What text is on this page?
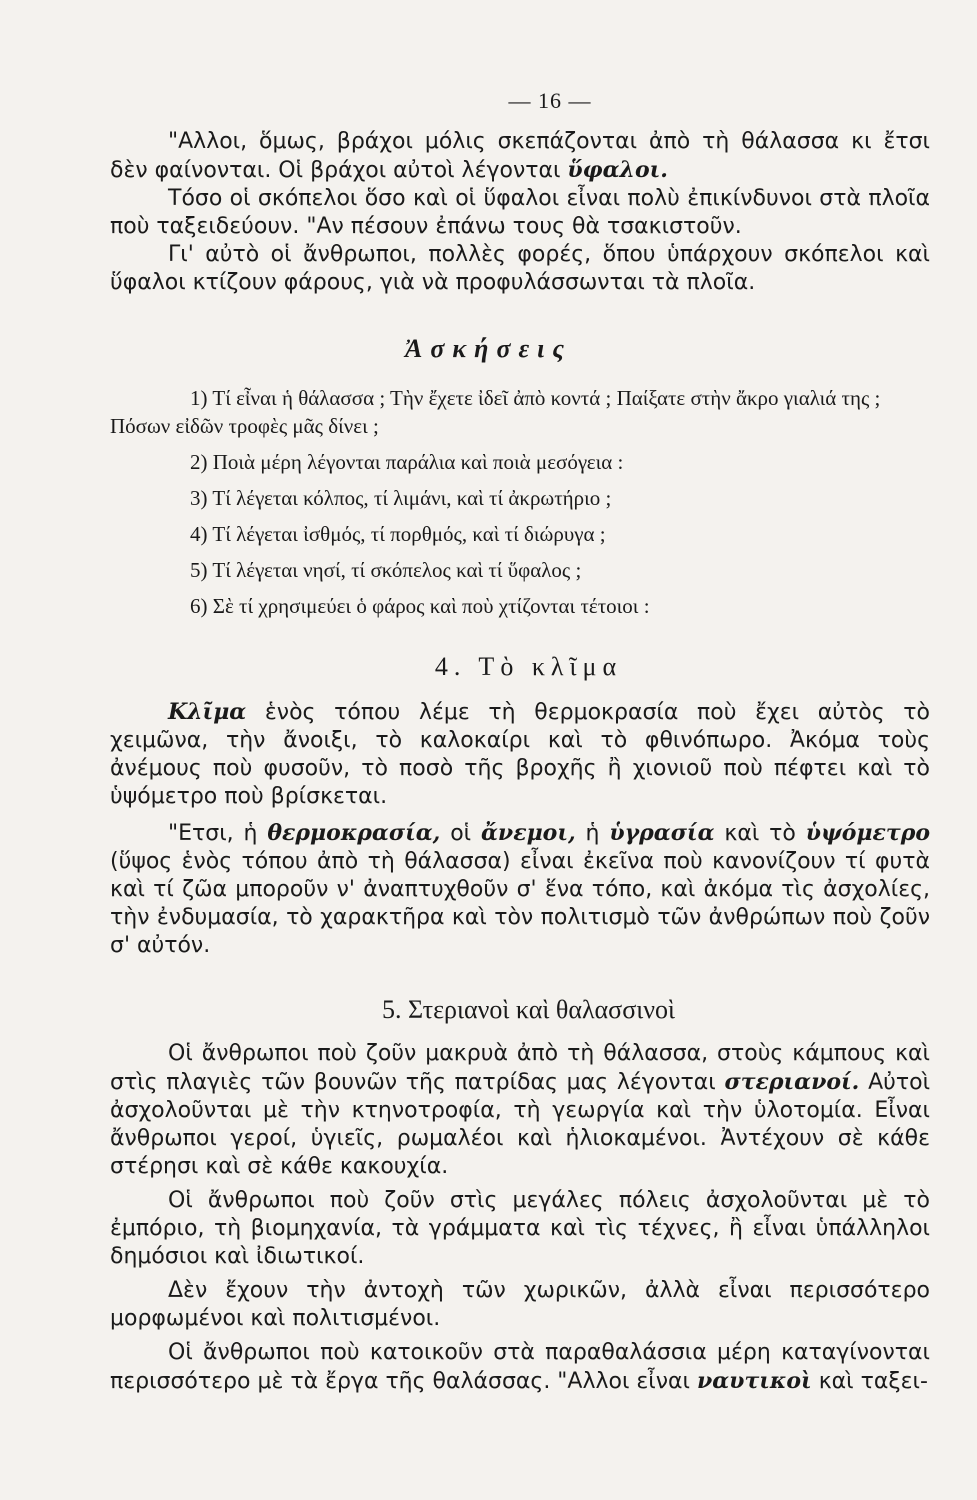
— 16 —

"Αλλοι, ὅμως, βράχοι μόλις σκεπάζονται ἀπὸ τὴ θάλασσα κι ἔτσι δὲν φαίνονται. Οἱ βράχοι αὐτοὶ λέγονται ὕφαλοι.

Τόσο οἱ σκόπελοι ὅσο καὶ οἱ ὕφαλοι εἶναι πολὺ ἐπικίνδυνοι στὰ πλοῖα ποὺ ταξειδεύουν. "Αν πέσουν ἐπάνω τους θὰ τσακιστοῦν.

Γι' αὐτὸ οἱ ἄνθρωποι, πολλὲς φορές, ὅπου ὑπάρχουν σκόπελοι καὶ ὕφαλοι κτίζουν φάρους, γιὰ νὰ προφυλάσσωνται τὰ πλοῖα.

Ἀσκήσεις

1) Τί εἶναι ἡ θάλασσα ; Τὴν ἔχετε ἰδεῖ ἀπὸ κοντά ; Παίξατε στὴν ἄκρο γιαλιά της ; Πόσων εἰδῶν τροφὲς μᾶς δίνει ;

2) Ποιὰ μέρη λέγονται παράλια καὶ ποιὰ μεσόγεια :

3) Τί λέγεται κόλπος, τί λιμάνι, καὶ τί ἀκρωτήριο ;

4) Τί λέγεται ἰσθμός, τί πορθμός, καὶ τί διώρυγα ;

5) Τί λέγεται νησί, τί σκόπελος καὶ τί ὕφαλος ;

6) Σὲ τί χρησιμεύει ὁ φάρος καὶ ποὺ χτίζονται τέτοιοι :

4. Τὸ κλῖμα

Κλῖμα ἑνὸς τόπου λέμε τὴ θερμοκρασία ποὺ ἔχει αὐτὸς τὸ χειμῶνα, τὴν ἄνοιξι, τὸ καλοκαίρι καὶ τὸ φθινόπωρο. Ἀκόμα τοὺς ἀνέμους ποὺ φυσοῦν, τὸ ποσὸ τῆς βροχῆς ἢ χιονιοῦ ποὺ πέφτει καὶ τὸ ὑψόμετρο ποὺ βρίσκεται.

"Ετσι, ἡ θερμοκρασία, οἱ ἄνεμοι, ἡ ὑγρασία καὶ τὸ ὑψόμετρο (ὕψος ἑνὸς τόπου ἀπὸ τὴ θάλασσα) εἶναι ἐκεῖνα ποὺ κανονίζουν τί φυτὰ καὶ τί ζῶα μποροῦν ν' ἀναπτυχθοῦν σ' ἕνα τόπο, καὶ ἀκόμα τὶς ἀσχολίες, τὴν ἐνδυμασία, τὸ χαρακτῆρα καὶ τὸν πολιτισμὸ τῶν ἀνθρώπων ποὺ ζοῦν σ' αὐτόν.

5. Στεριανοὶ καὶ θαλασσινοὶ

Οἱ ἄνθρωποι ποὺ ζοῦν μακρυὰ ἀπὸ τὴ θάλασσα, στοὺς κάμπους καὶ στὶς πλαγιὲς τῶν βουνῶν τῆς πατρίδας μας λέγονται στεριανοί. Αὐτοὶ ἀσχολοῦνται μὲ τὴν κτηνοτροφία, τὴ γεωργία καὶ τὴν ὑλοτομία. Εἶναι ἄνθρωποι γεροί, ὑγιεῖς, ρωμαλέοι καὶ ἡλιοκαμένοι. Ἀντέχουν σὲ κάθε στέρησι καὶ σὲ κάθε κακουχία.

Οἱ ἄνθρωποι ποὺ ζοῦν στὶς μεγάλες πόλεις ἀσχολοῦνται μὲ τὸ ἐμπόριο, τὴ βιομηχανία, τὰ γράμματα καὶ τὶς τέχνες, ἢ εἶναι ὑπάλληλοι δημόσιοι καὶ ἰδιωτικοί.

Δὲν ἔχουν τὴν ἀντοχὴ τῶν χωρικῶν, ἀλλὰ εἶναι περισσότερο μορφωμένοι καὶ πολιτισμένοι.

Οἱ ἄνθρωποι ποὺ κατοικοῦν στὰ παραθαλάσσια μέρη καταγίνονται περισσότερο μὲ τὰ ἔργα τῆς θαλάσσας. "Αλλοι εἶναι ναυτικοὶ καὶ ταξει-
